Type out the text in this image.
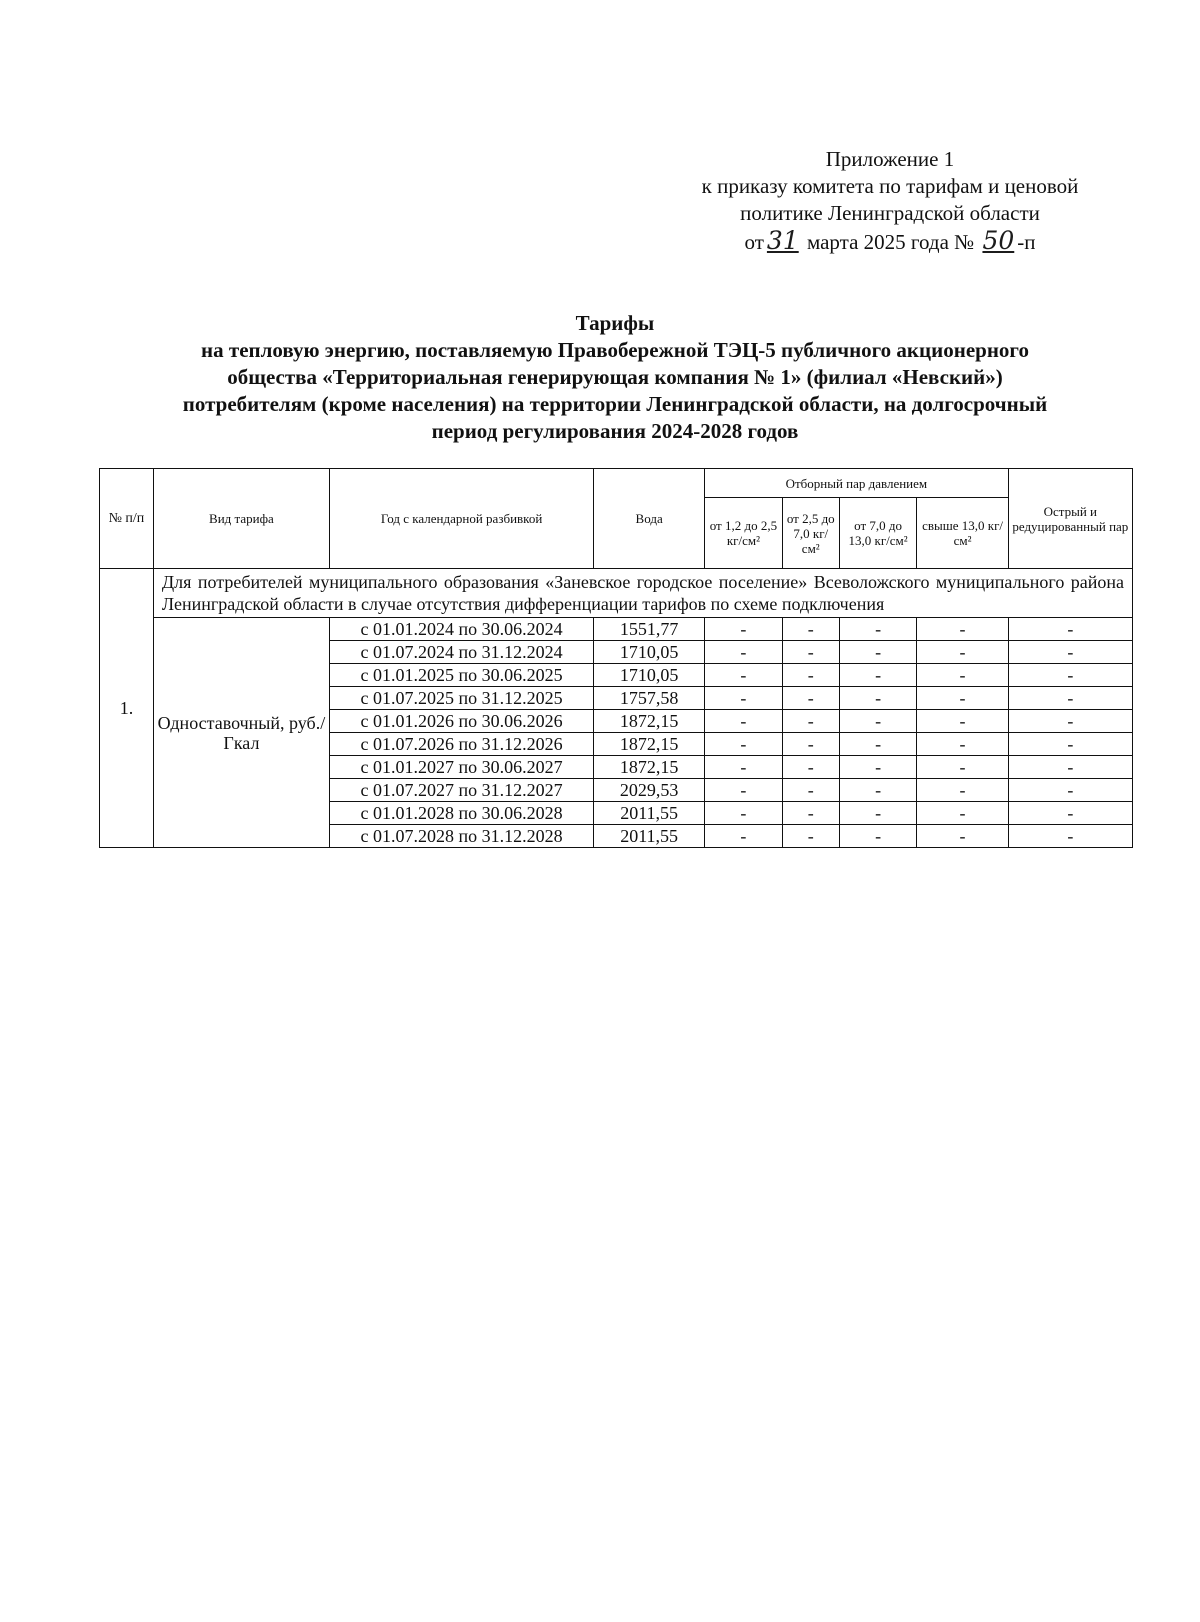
Приложение 1
к приказу комитета по тарифам и ценовой
политике Ленинградской области
от 31 марта 2025 года № 50 -п
Тарифы
на тепловую энергию, поставляемую Правобережной ТЭЦ-5 публичного акционерного
общества «Территориальная генерирующая компания № 1» (филиал «Невский»)
потребителям (кроме населения) на территории Ленинградской области, на долгосрочный
период регулирования 2024-2028 годов
№ п/п	Вид тарифа	Год с календарной разбивкой	Вода	Отборный пар давлением				Острый и редуцированный пар
				от 1,2 до 2,5 кг/см²	от 2,5 до 7,0 кг/см²	от 7,0 до 13,0 кг/см²	свыше 13,0 кг/см²	
1.	Для потребителей муниципального образования «Заневское городское поселение» Всеволожского муниципального района Ленинградской области в случае отсутствия дифференциации тарифов по схеме подключения							
	Одноставочный, руб./Гкал	с 01.01.2024 по 30.06.2024	1551,77	-	-	-	-	-
		с 01.07.2024 по 31.12.2024	1710,05	-	-	-	-	-
		с 01.01.2025 по 30.06.2025	1710,05	-	-	-	-	-
		с 01.07.2025 по 31.12.2025	1757,58	-	-	-	-	-
		с 01.01.2026 по 30.06.2026	1872,15	-	-	-	-	-
		с 01.07.2026 по 31.12.2026	1872,15	-	-	-	-	-
		с 01.01.2027 по 30.06.2027	1872,15	-	-	-	-	-
		с 01.07.2027 по 31.12.2027	2029,53	-	-	-	-	-
		с 01.01.2028 по 30.06.2028	2011,55	-	-	-	-	-
		с 01.07.2028 по 31.12.2028	2011,55	-	-	-	-	-
